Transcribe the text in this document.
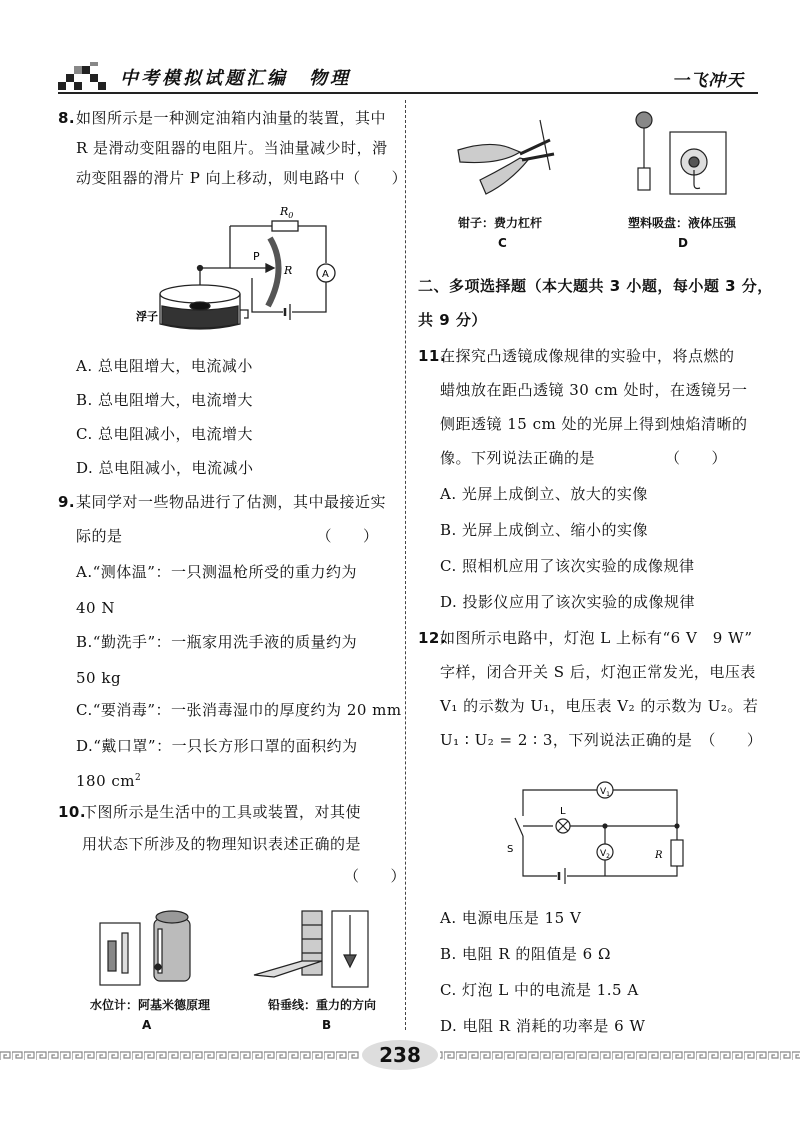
中考模拟试题汇编　物理	一飞冲天
8. 如图所示是一种测定油箱内油量的装置，其中
R 是滑动变阻器的电阻片。当油量减少时，滑
动变阻器的滑片 P 向上移动，则电路中（　　）
$R_0$
P
R	A
浮子
A. 总电阻增大，电流减小
B. 总电阻增大，电流增大
C. 总电阻减小，电流增大
D. 总电阻减小，电流减小
9. 某同学对一些物品进行了估测，其中最接近实
际的是　　　　　　　　　　　　　（　　）
A.“测体温”：一只测温枪所受的重力约为
40 N
B.“勤洗手”：一瓶家用洗手液的质量约为
50 kg
C.“要消毒”：一张消毒湿巾的厚度约为 20 mm
D.“戴口罩”：一只长方形口罩的面积约为
180 $cm^2$
10.
下图所示是生活中的工具或装置，对其使
用状态下所涉及的物理知识表述正确的是
（　　）
水位计：阿基米德原理
A
铅垂线：重力的方向
B
钳子：费力杠杆
C
塑料吸盘：液体压强
D
二、多项选择题（本大题共 3 小题，每小题 3 分，
共 9 分）
11.
在探究凸透镜成像规律的实验中，将点燃的
蜡烛放在距凸透镜 30 cm 处时，在透镜另一
侧距透镜 15 cm 处的光屏上得到烛焰清晰的
像。下列说法正确的是　　　　　（　　）
A. 光屏上成倒立、放大的实像
B. 光屏上成倒立、缩小的实像
C. 照相机应用了该次实验的成像规律
D. 投影仪应用了该次实验的成像规律
12.
如图所示电路中，灯泡 L 上标有“6 V　9 W”
字样，闭合开关 S 后，灯泡正常发光，电压表
V₁ 的示数为 U₁，电压表 V₂ 的示数为 U₂。若
U₁ ∶ U₂ = 2 ∶ 3，下列说法正确的是　（　　）
$V_1$
$V_2$
L
S
R
A. 电源电压是 15 V
B. 电阻 R 的阻值是 6 Ω
C. 灯泡 L 中的电流是 1.5 A
D. 电阻 R 消耗的功率是 6 W
238
